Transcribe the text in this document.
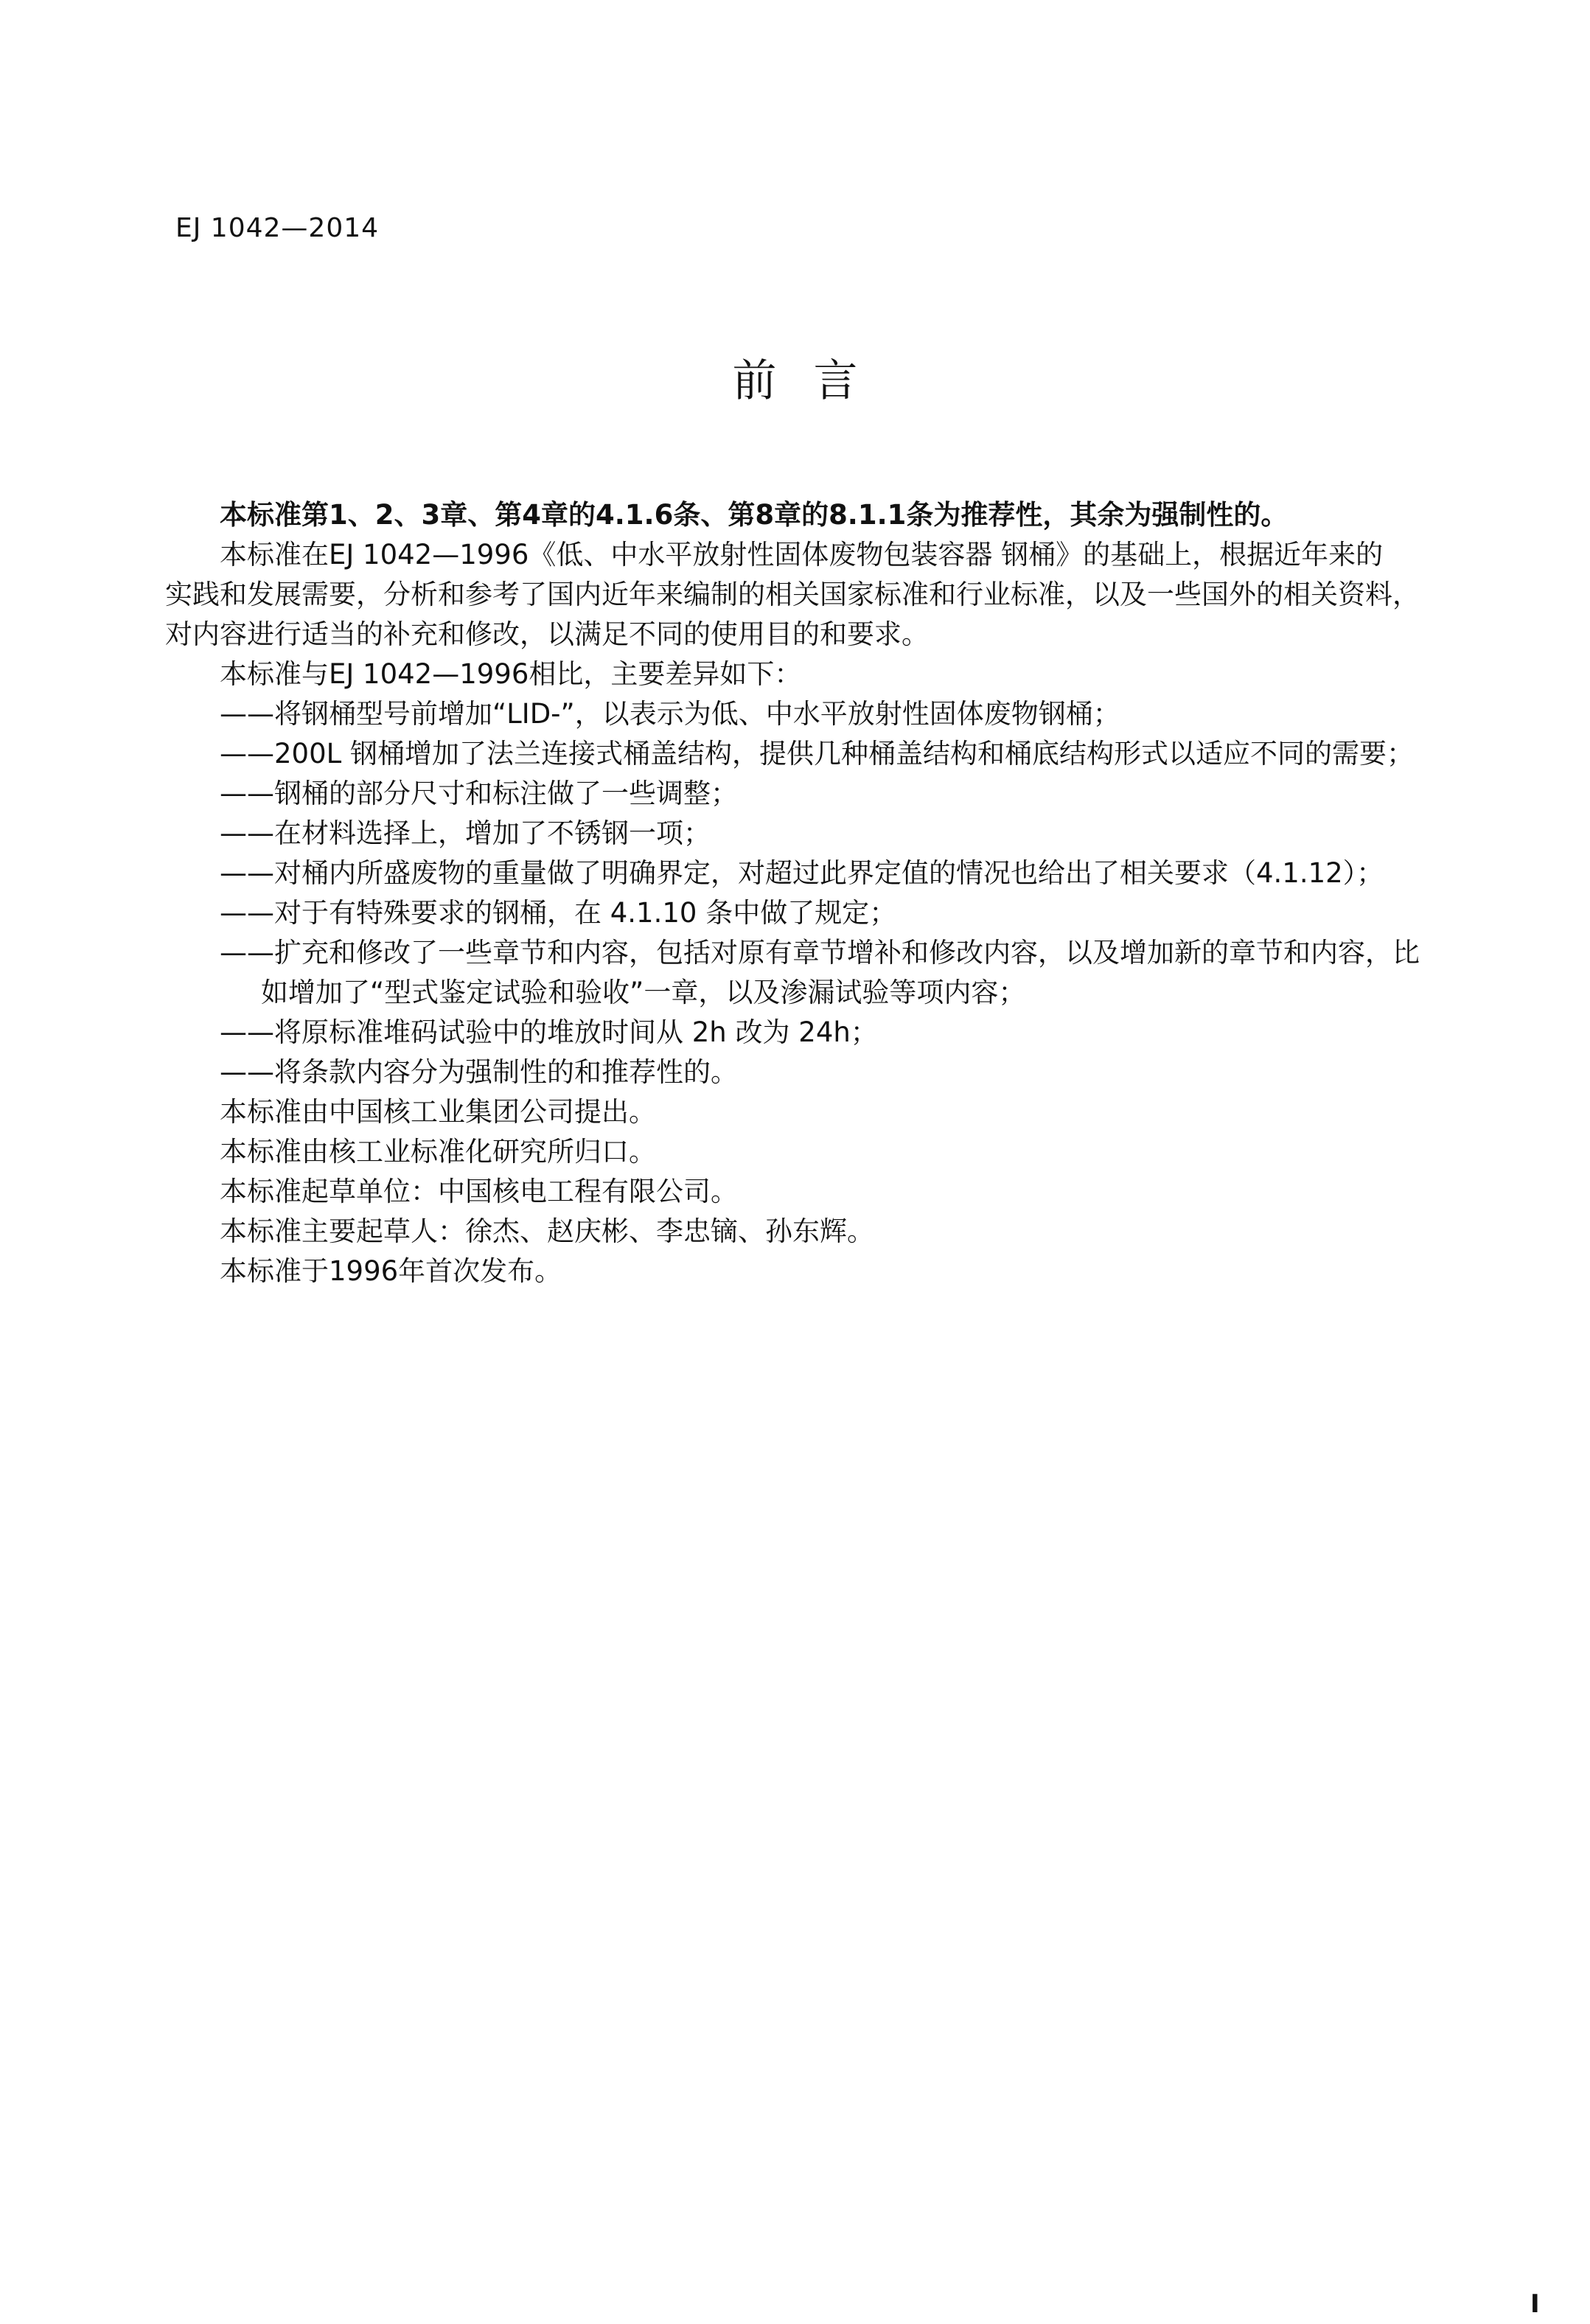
EJ 1042—2014
前言
本标准第1、2、3章、第4章的4.1.6条、第8章的8.1.1条为推荐性，其余为强制性的。
本标准在EJ 1042—1996《低、中水平放射性固体废物包装容器 钢桶》的基础上，根据近年来的
实践和发展需要，分析和参考了国内近年来编制的相关国家标准和行业标准，以及一些国外的相关资料，
对内容进行适当的补充和修改，以满足不同的使用目的和要求。
本标准与EJ 1042—1996相比，主要差异如下：
——将钢桶型号前增加“LID-”，以表示为低、中水平放射性固体废物钢桶；
——200L 钢桶增加了法兰连接式桶盖结构，提供几种桶盖结构和桶底结构形式以适应不同的需要；
——钢桶的部分尺寸和标注做了一些调整；
——在材料选择上，增加了不锈钢一项；
——对桶内所盛废物的重量做了明确界定，对超过此界定值的情况也给出了相关要求（4.1.12）；
——对于有特殊要求的钢桶，在 4.1.10 条中做了规定；
——扩充和修改了一些章节和内容，包括对原有章节增补和修改内容，以及增加新的章节和内容，比
如增加了“型式鉴定试验和验收”一章，以及渗漏试验等项内容；
——将原标准堆码试验中的堆放时间从 2h 改为 24h；
——将条款内容分为强制性的和推荐性的。
本标准由中国核工业集团公司提出。
本标准由核工业标准化研究所归口。
本标准起草单位：中国核电工程有限公司。
本标准主要起草人：徐杰、赵庆彬、李忠镝、孙东辉。
本标准于1996年首次发布。
I
